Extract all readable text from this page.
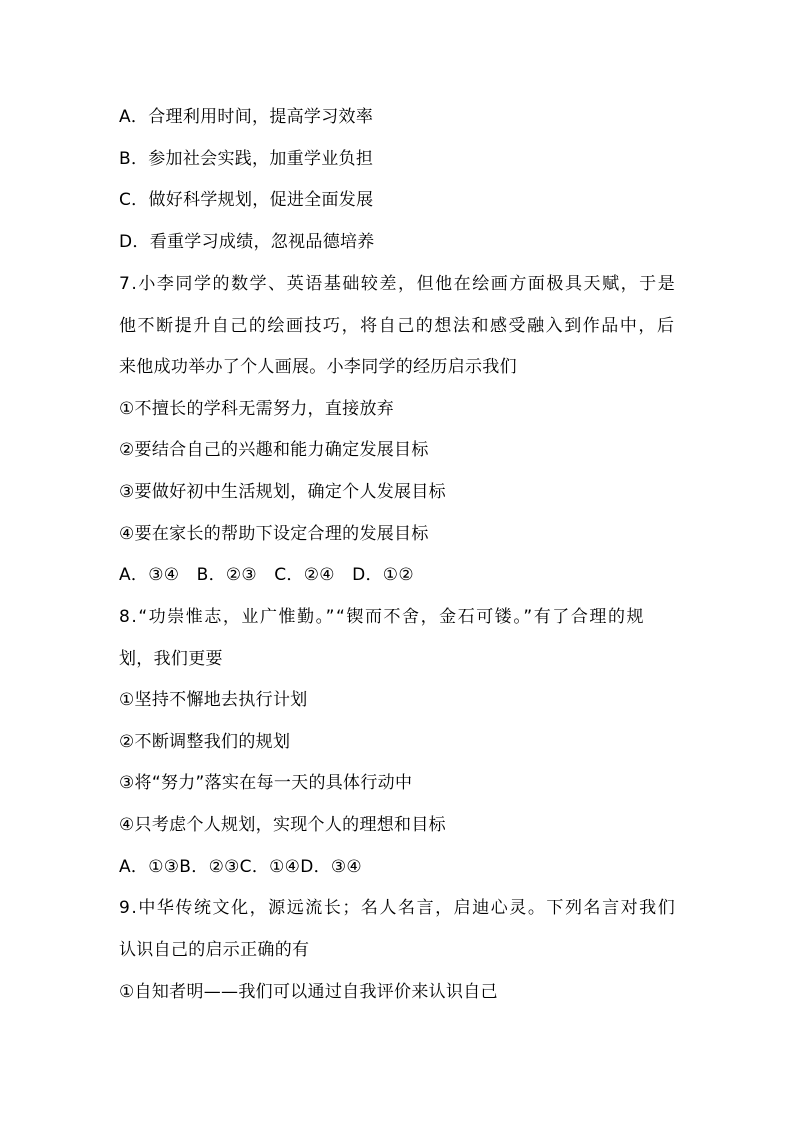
A．合理利用时间，提高学习效率
B．参加社会实践，加重学业负担
C．做好科学规划，促进全面发展
D．看重学习成绩，忽视品德培养
7.小李同学的数学、英语基础较差，但他在绘画方面极具天赋，于是
他不断提升自己的绘画技巧，将自己的想法和感受融入到作品中，后
来他成功举办了个人画展。小李同学的经历启示我们
①不擅长的学科无需努力，直接放弃
②要结合自己的兴趣和能力确定发展目标
③要做好初中生活规划，确定个人发展目标
④要在家长的帮助下设定合理的发展目标
A．③④　B．②③　C．②④　D．①②
8.“功崇惟志，业广惟勤。”“锲而不舍，金石可镂。”有了合理的规
划，我们更要
①坚持不懈地去执行计划
②不断调整我们的规划
③将“努力”落实在每一天的具体行动中
④只考虑个人规划，实现个人的理想和目标
A．①③B．②③C．①④D．③④
9.中华传统文化，源远流长；名人名言，启迪心灵。下列名言对我们
认识自己的启示正确的有
①自知者明——我们可以通过自我评价来认识自己
